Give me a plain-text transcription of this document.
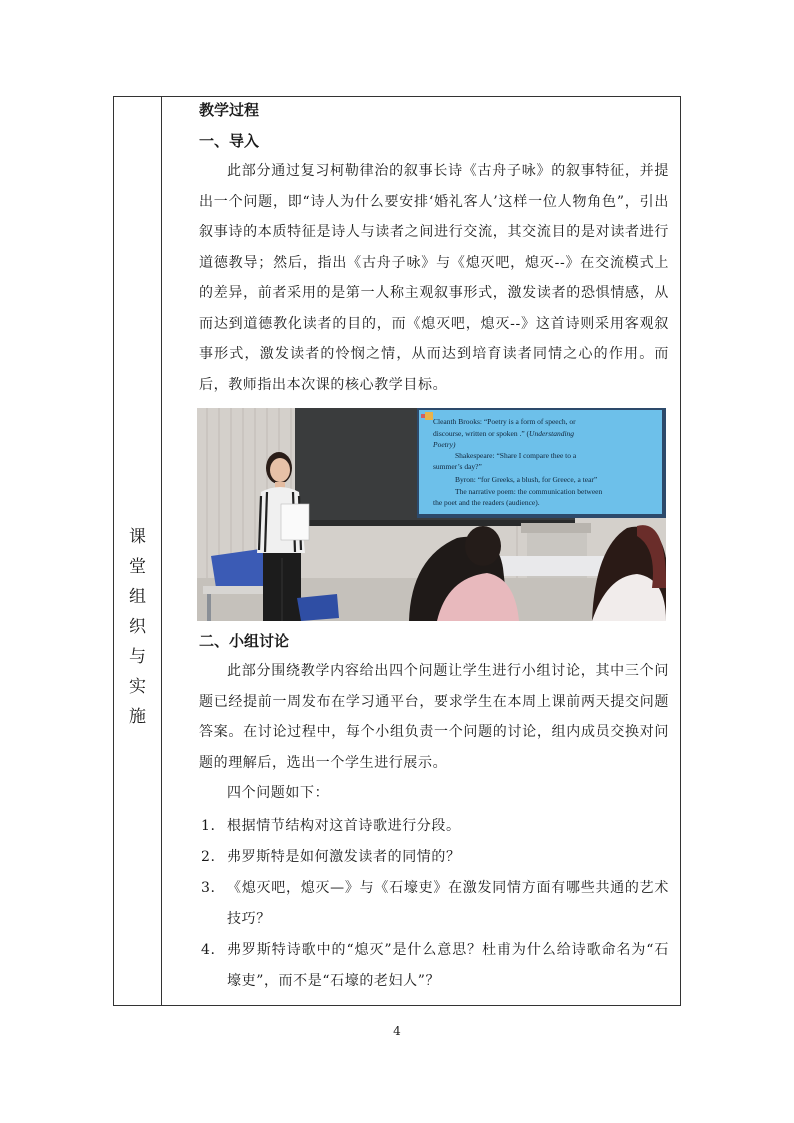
课
堂
组
织
与
实
施
教学过程
一、导入

此部分通过复习柯勒律治的叙事长诗《古舟子咏》的叙事特征，并提出一个问题，即“诗人为什么要安排‘婚礼客人’这样一位人物角色”，引出叙事诗的本质特征是诗人与读者之间进行交流，其交流目的是对读者进行道德教导；然后，指出《古舟子咏》与《熄灭吧，熄灭--》在交流模式上的差异，前者采用的是第一人称主观叙事形式，激发读者的恐惧情感，从而达到道德教化读者的目的，而《熄灭吧，熄灭--》这首诗则采用客观叙事形式，激发读者的怜悯之情，从而达到培育读者同情之心的作用。而后，教师指出本次课的核心教学目标。

Cleanth Brooks: “Poetry is a form of speech, or
discourse, written or spoken .” (Understanding
Poetry)
Shakespeare: “Share I compare thee to a
summer’s day?”
Byron: “for Greeks, a blush, for Greece, a tear”
The narrative poem: the communication between
the poet and the readers (audience).
二、小组讨论

此部分围绕教学内容给出四个问题让学生进行小组讨论，其中三个问题已经提前一周发布在学习通平台，要求学生在本周上课前两天提交问题答案。在讨论过程中，每个小组负责一个问题的讨论，组内成员交换对问题的理解后，选出一个学生进行展示。

四个问题如下：

1. 根据情节结构对这首诗歌进行分段。
2. 弗罗斯特是如何激发读者的同情的？
3. 《熄灭吧，熄灭—》与《石壕吏》在激发同情方面有哪些共通的艺术技巧？
4. 弗罗斯特诗歌中的“熄灭”是什么意思？杜甫为什么给诗歌命名为“石壕吏”，而不是“石壕的老妇人”？
4
